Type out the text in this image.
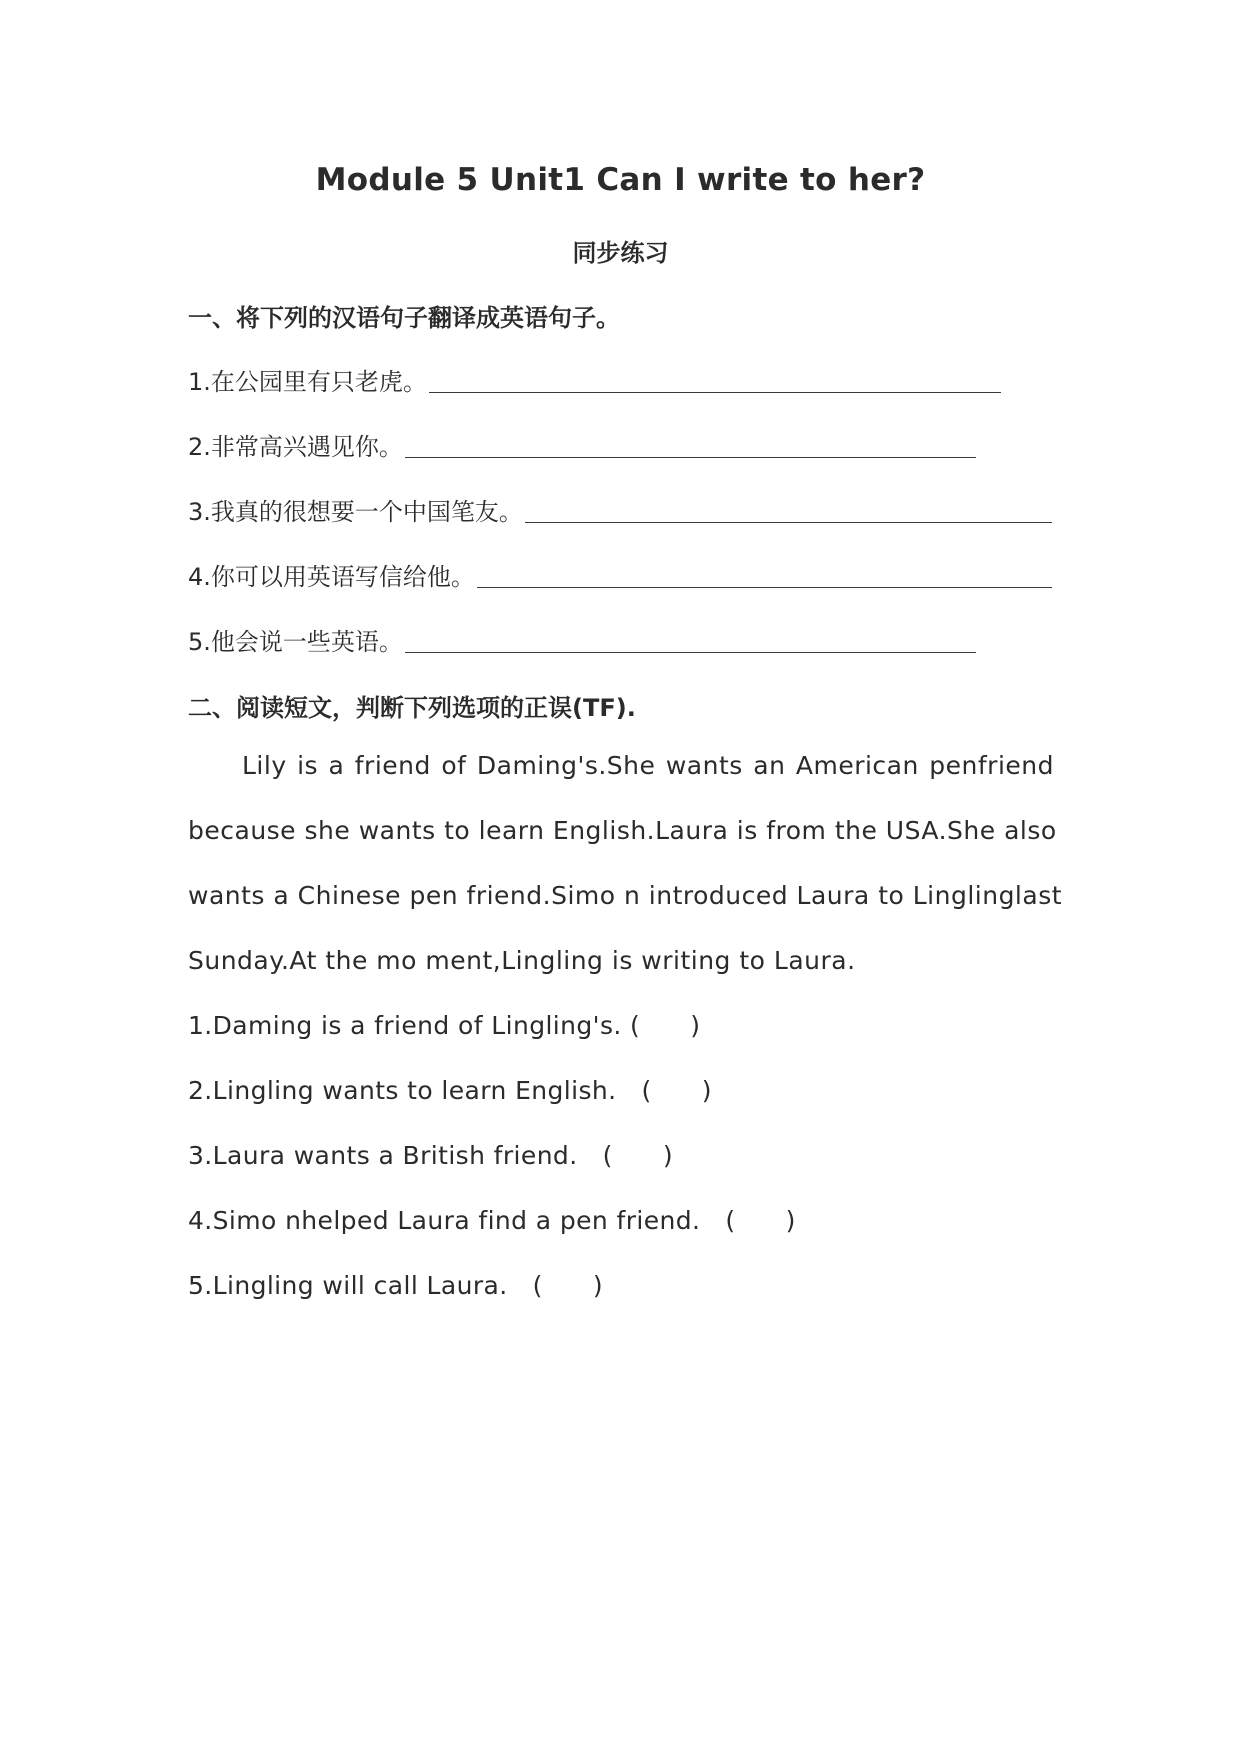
Module 5 Unit1 Can I write to her?
同步练习
一、将下列的汉语句子翻译成英语句子。
1.在公园里有只老虎。
2.非常高兴遇见你。
3.我真的很想要一个中国笔友。
4.你可以用英语写信给他。
5.他会说一些英语。
二、阅读短文，判断下列选项的正误(TF).
Lily is a friend of Daming's.She wants an American penfriend
because she wants to learn English.Laura is from the USA.She also
wants a Chinese pen friend.Simo n introduced Laura to Linglinglast
Sunday.At the mo ment,Lingling is writing to Laura.
1.Daming is a friend of Lingling's. (      )
2.Lingling wants to learn English.   (      )
3.Laura wants a British friend.   (      )
4.Simo nhelped Laura find a pen friend.   (      )
5.Lingling will call Laura.   (      )
